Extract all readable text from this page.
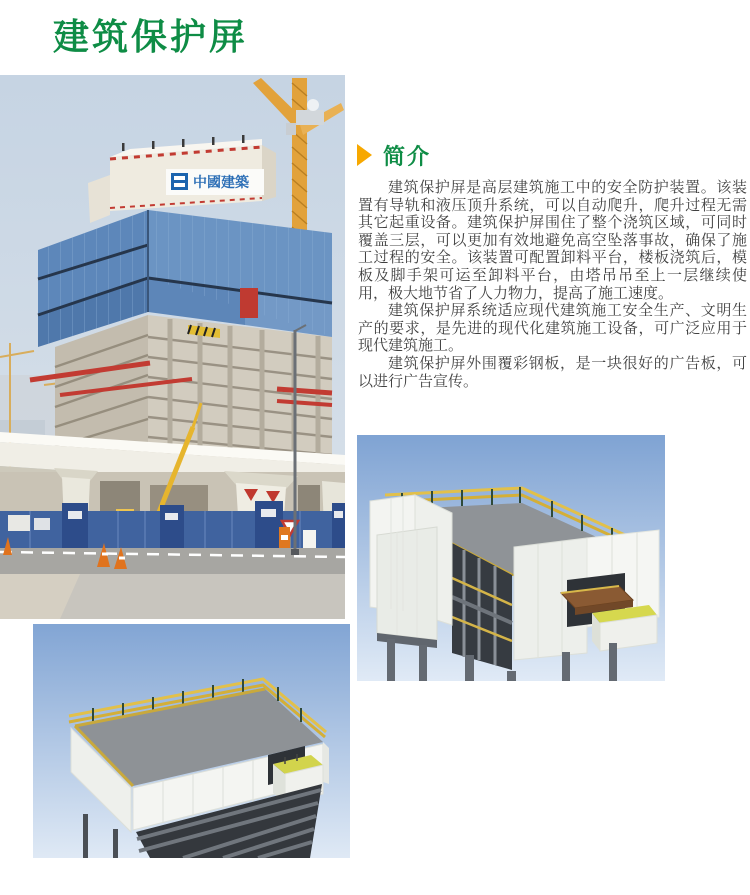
建筑保护屏
中國建築
简介

建筑保护屏是高层建筑施工中的安全防护装置。该装置有导轨和液压顶升系统，可以自动爬升，爬升过程无需其它起重设备。建筑保护屏围住了整个浇筑区域，可同时覆盖三层，可以更加有效地避免高空坠落事故，确保了施工过程的安全。该装置可配置卸料平台，楼板浇筑后，模板及脚手架可运至卸料平台，由塔吊吊至上一层继续使用，极大地节省了人力物力，提高了施工速度。

建筑保护屏系统适应现代建筑施工安全生产、文明生产的要求，是先进的现代化建筑施工设备，可广泛应用于现代建筑施工。

建筑保护屏外围覆彩钢板，是一块很好的广告板，可以进行广告宣传。
